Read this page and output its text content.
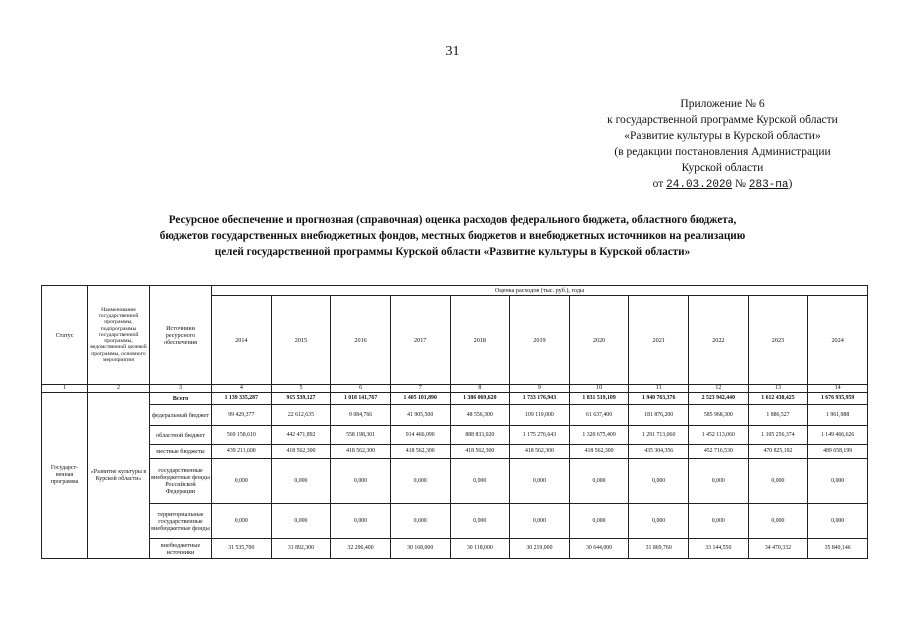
31
Приложение № 6
к государственной программе Курской области
«Развитие культуры в Курской области»
(в редакции постановления Администрации
Курской области
от 24.03.2020 № 283-па)
Ресурсное обеспечение и прогнозная (справочная) оценка расходов федерального бюджета, областного бюджета,
бюджетов государственных внебюджетных фондов, местных бюджетов и внебюджетных источников на реализацию
целей государственной программы Курской области «Развитие культуры в Курской области»
Статус	Наименование государственной программы, подпрограммы государственной программы, ведомственной целевой программы, основного мероприятия	Источники ресурсного обеспечения	Оценка расходов (тыс. руб.), годы										
			2014	2015	2016	2017	2018	2019	2020	2021	2022	2023	2024
1	2	3	4	5	6	7	8	9	10	11	12	13	14
Государст-венная программа	«Развитие культуры в Курской области»	Всего	1 139 335,287	915 539,127	1 018 141,767	1 405 101,890	1 386 069,620	1 733 176,943	1 831 519,109	1 940 763,376	2 523 942,440	1 612 438,425	1 676 935,959
		федеральный бюджет	99 429,377	22 612,635	9 084,766	41 905,500	48 556,300	109 119,000	61 637,400	181 876,200	585 968,300	1 886,527	1 961,988
		областной бюджет	569 158,610	442 471,892	558 198,301	914 466,090	888 833,020	1 175 276,643	1 320 675,409	1 291 713,060	1 452 113,060	1 105 256,374	1 149 466,626
		местные бюджеты	439 211,600	418 562,300	418 562,300	418 562,300	418 562,300	418 562,300	418 562,300	435 304,356	452 716,530	470 825,192	489 658,199
		государственные внебюджетные фонды Российской Федерации	0,000	0,000	0,000	0,000	0,000	0,000	0,000	0,000	0,000	0,000	0,000
		территориальные государственные внебюджетные фонды	0,000	0,000	0,000	0,000	0,000	0,000	0,000	0,000	0,000	0,000	0,000
		внебюджетные источники	31 535,700	31 892,300	32 296,400	30 168,000	30 118,000	30 219,000	30 644,000	31 869,760	33 144,550	34 470,332	35 849,146
